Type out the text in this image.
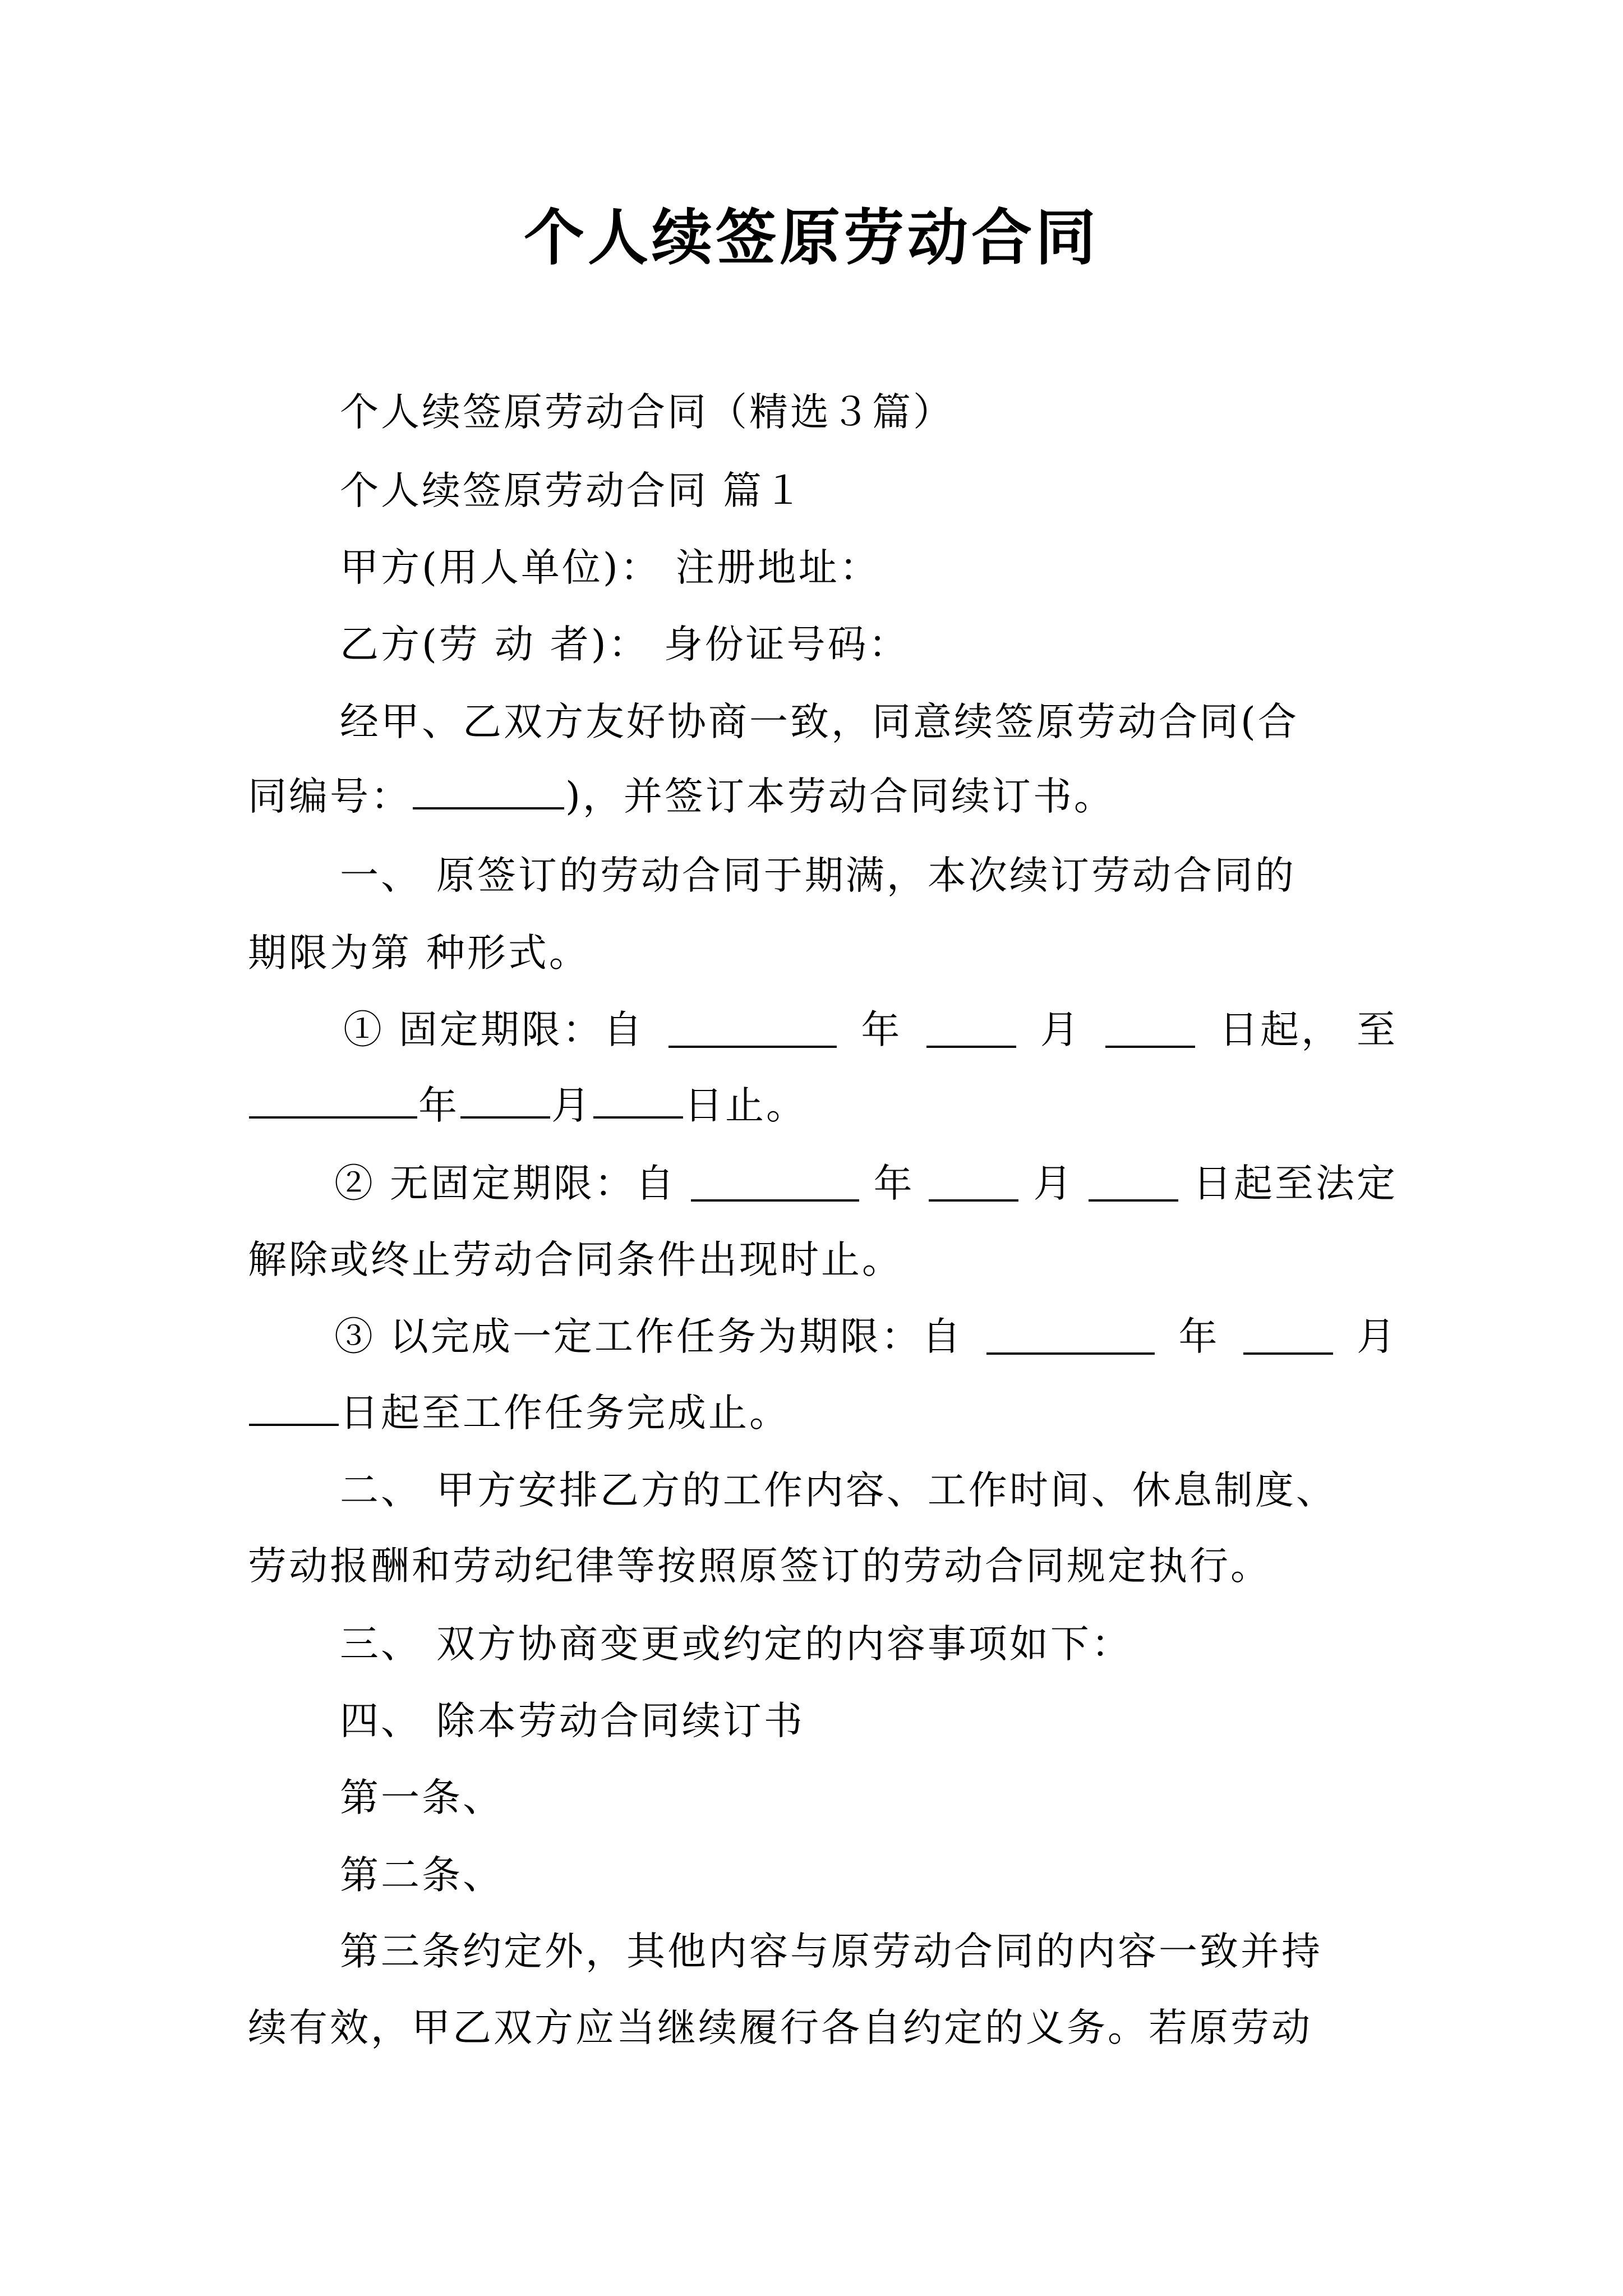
个人续签原劳动合同
个人续签原劳动合同（精选３篇）
个人续签原劳动合同 篇１
甲方(用人单位)： 注册地址：
乙方(劳 动 者)： 身份证号码：
经甲、乙双方友好协商一致，同意续签原劳动合同(合
同编号：	)，并签订本劳动合同续订书。
一、 原签订的劳动合同于期满，本次续订劳动合同的
期限为第 种形式。
① 固定期限：自	年	月	日起， 至
年 月 日止。
② 无固定期限：自	年	月	日起至法定
解除或终止劳动合同条件出现时止。
③ 以完成一定工作任务为期限：自	年	月
日起至工作任务完成止。
二、 甲方安排乙方的工作内容、工作时间、休息制度、
劳动报酬和劳动纪律等按照原签订的劳动合同规定执行。
三、 双方协商变更或约定的内容事项如下：
四、 除本劳动合同续订书
第一条、
第二条、
第三条约定外，其他内容与原劳动合同的内容一致并持
续有效，甲乙双方应当继续履行各自约定的义务。若原劳动
